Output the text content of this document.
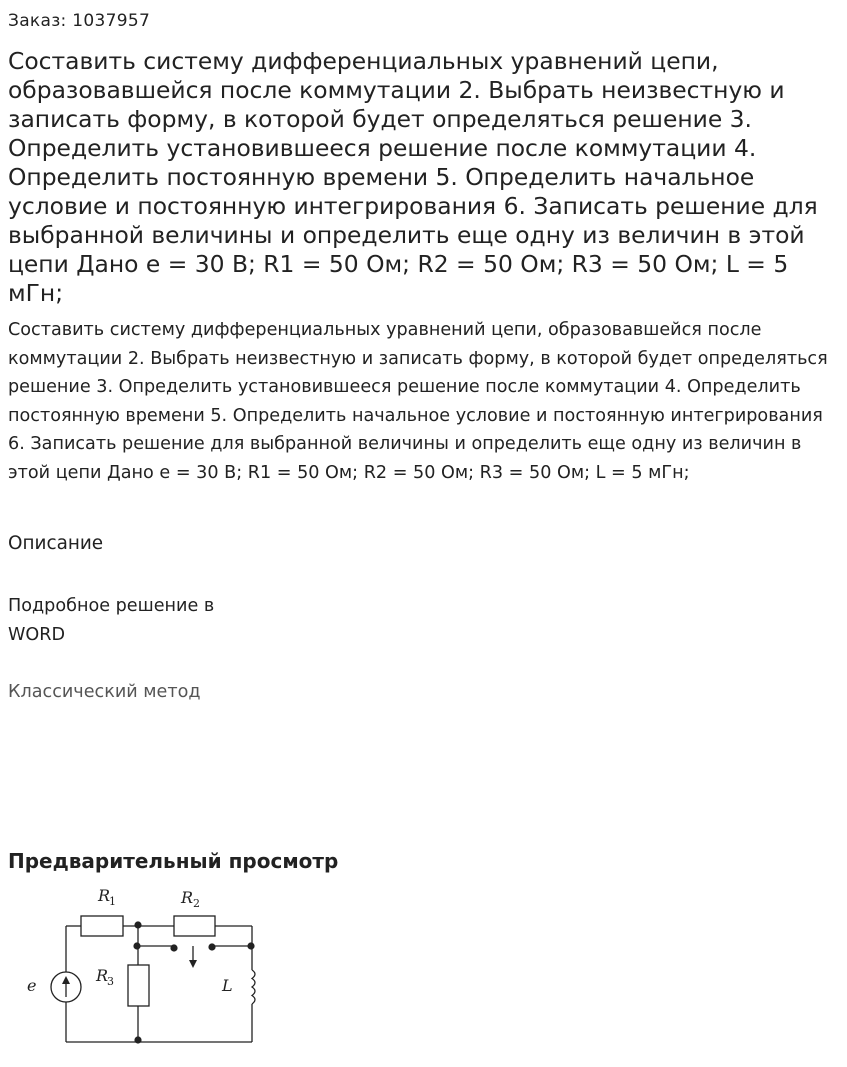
Заказ: 1037957

Составить систему дифференциальных уравнений цепи, образовавшейся после коммутации 2. Выбрать неизвестную и записать форму, в которой будет определяться решение 3. Определить установившееся решение после коммутации 4. Определить постоянную времени 5. Определить начальное условие и постоянную интегрирования 6. Записать решение для выбранной величины и определить еще одну из величин в этой цепи Дано e = 30 В; R1 = 50 Ом; R2 = 50 Ом; R3 = 50 Ом; L = 5 мГн;

Составить систему дифференциальных уравнений цепи, образовавшейся после коммутации 2. Выбрать неизвестную и записать форму, в которой будет определяться решение 3. Определить установившееся решение после коммутации 4. Определить постоянную времени 5. Определить начальное условие и постоянную интегрирования 6. Записать решение для выбранной величины и определить еще одну из величин в этой цепи Дано e = 30 В; R1 = 50 Ом; R2 = 50 Ом; R3 = 50 Ом; L = 5 мГн;

Описание

Подробное решение в

WORD

Классический метод

Предварительный просмотр
R
1	R 2
R
3
e	L
